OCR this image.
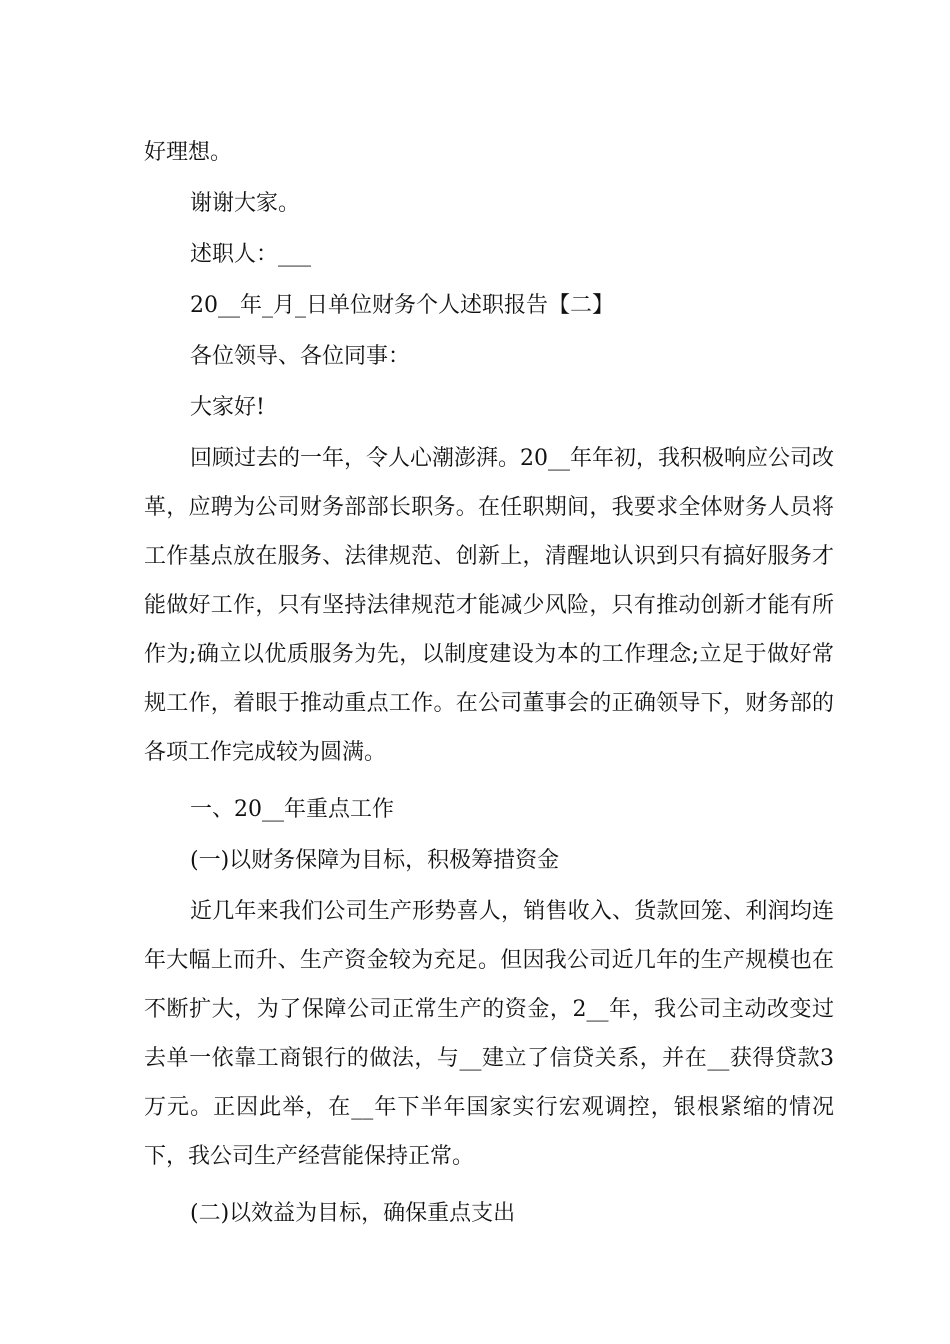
好理想。

谢谢大家。

述职人：___

20__年_月_日单位财务个人述职报告【二】

各位领导、各位同事：

大家好!

回顾过去的一年，令人心潮澎湃。20__年年初，我积极响应公司改革，应聘为公司财务部部长职务。在任职期间，我要求全体财务人员将工作基点放在服务、法律规范、创新上，清醒地认识到只有搞好服务才能做好工作，只有坚持法律规范才能减少风险，只有推动创新才能有所作为;确立以优质服务为先，以制度建设为本的工作理念;立足于做好常规工作，着眼于推动重点工作。在公司董事会的正确领导下，财务部的各项工作完成较为圆满。

一、20__年重点工作

(一)以财务保障为目标，积极筹措资金

近几年来我们公司生产形势喜人，销售收入、货款回笼、利润均连年大幅上而升、生产资金较为充足。但因我公司近几年的生产规模也在不断扩大，为了保障公司正常生产的资金，2__年，我公司主动改变过去单一依靠工商银行的做法，与__建立了信贷关系，并在__获得贷款3万元。正因此举，在__年下半年国家实行宏观调控，银根紧缩的情况下，我公司生产经营能保持正常。

(二)以效益为目标，确保重点支出
